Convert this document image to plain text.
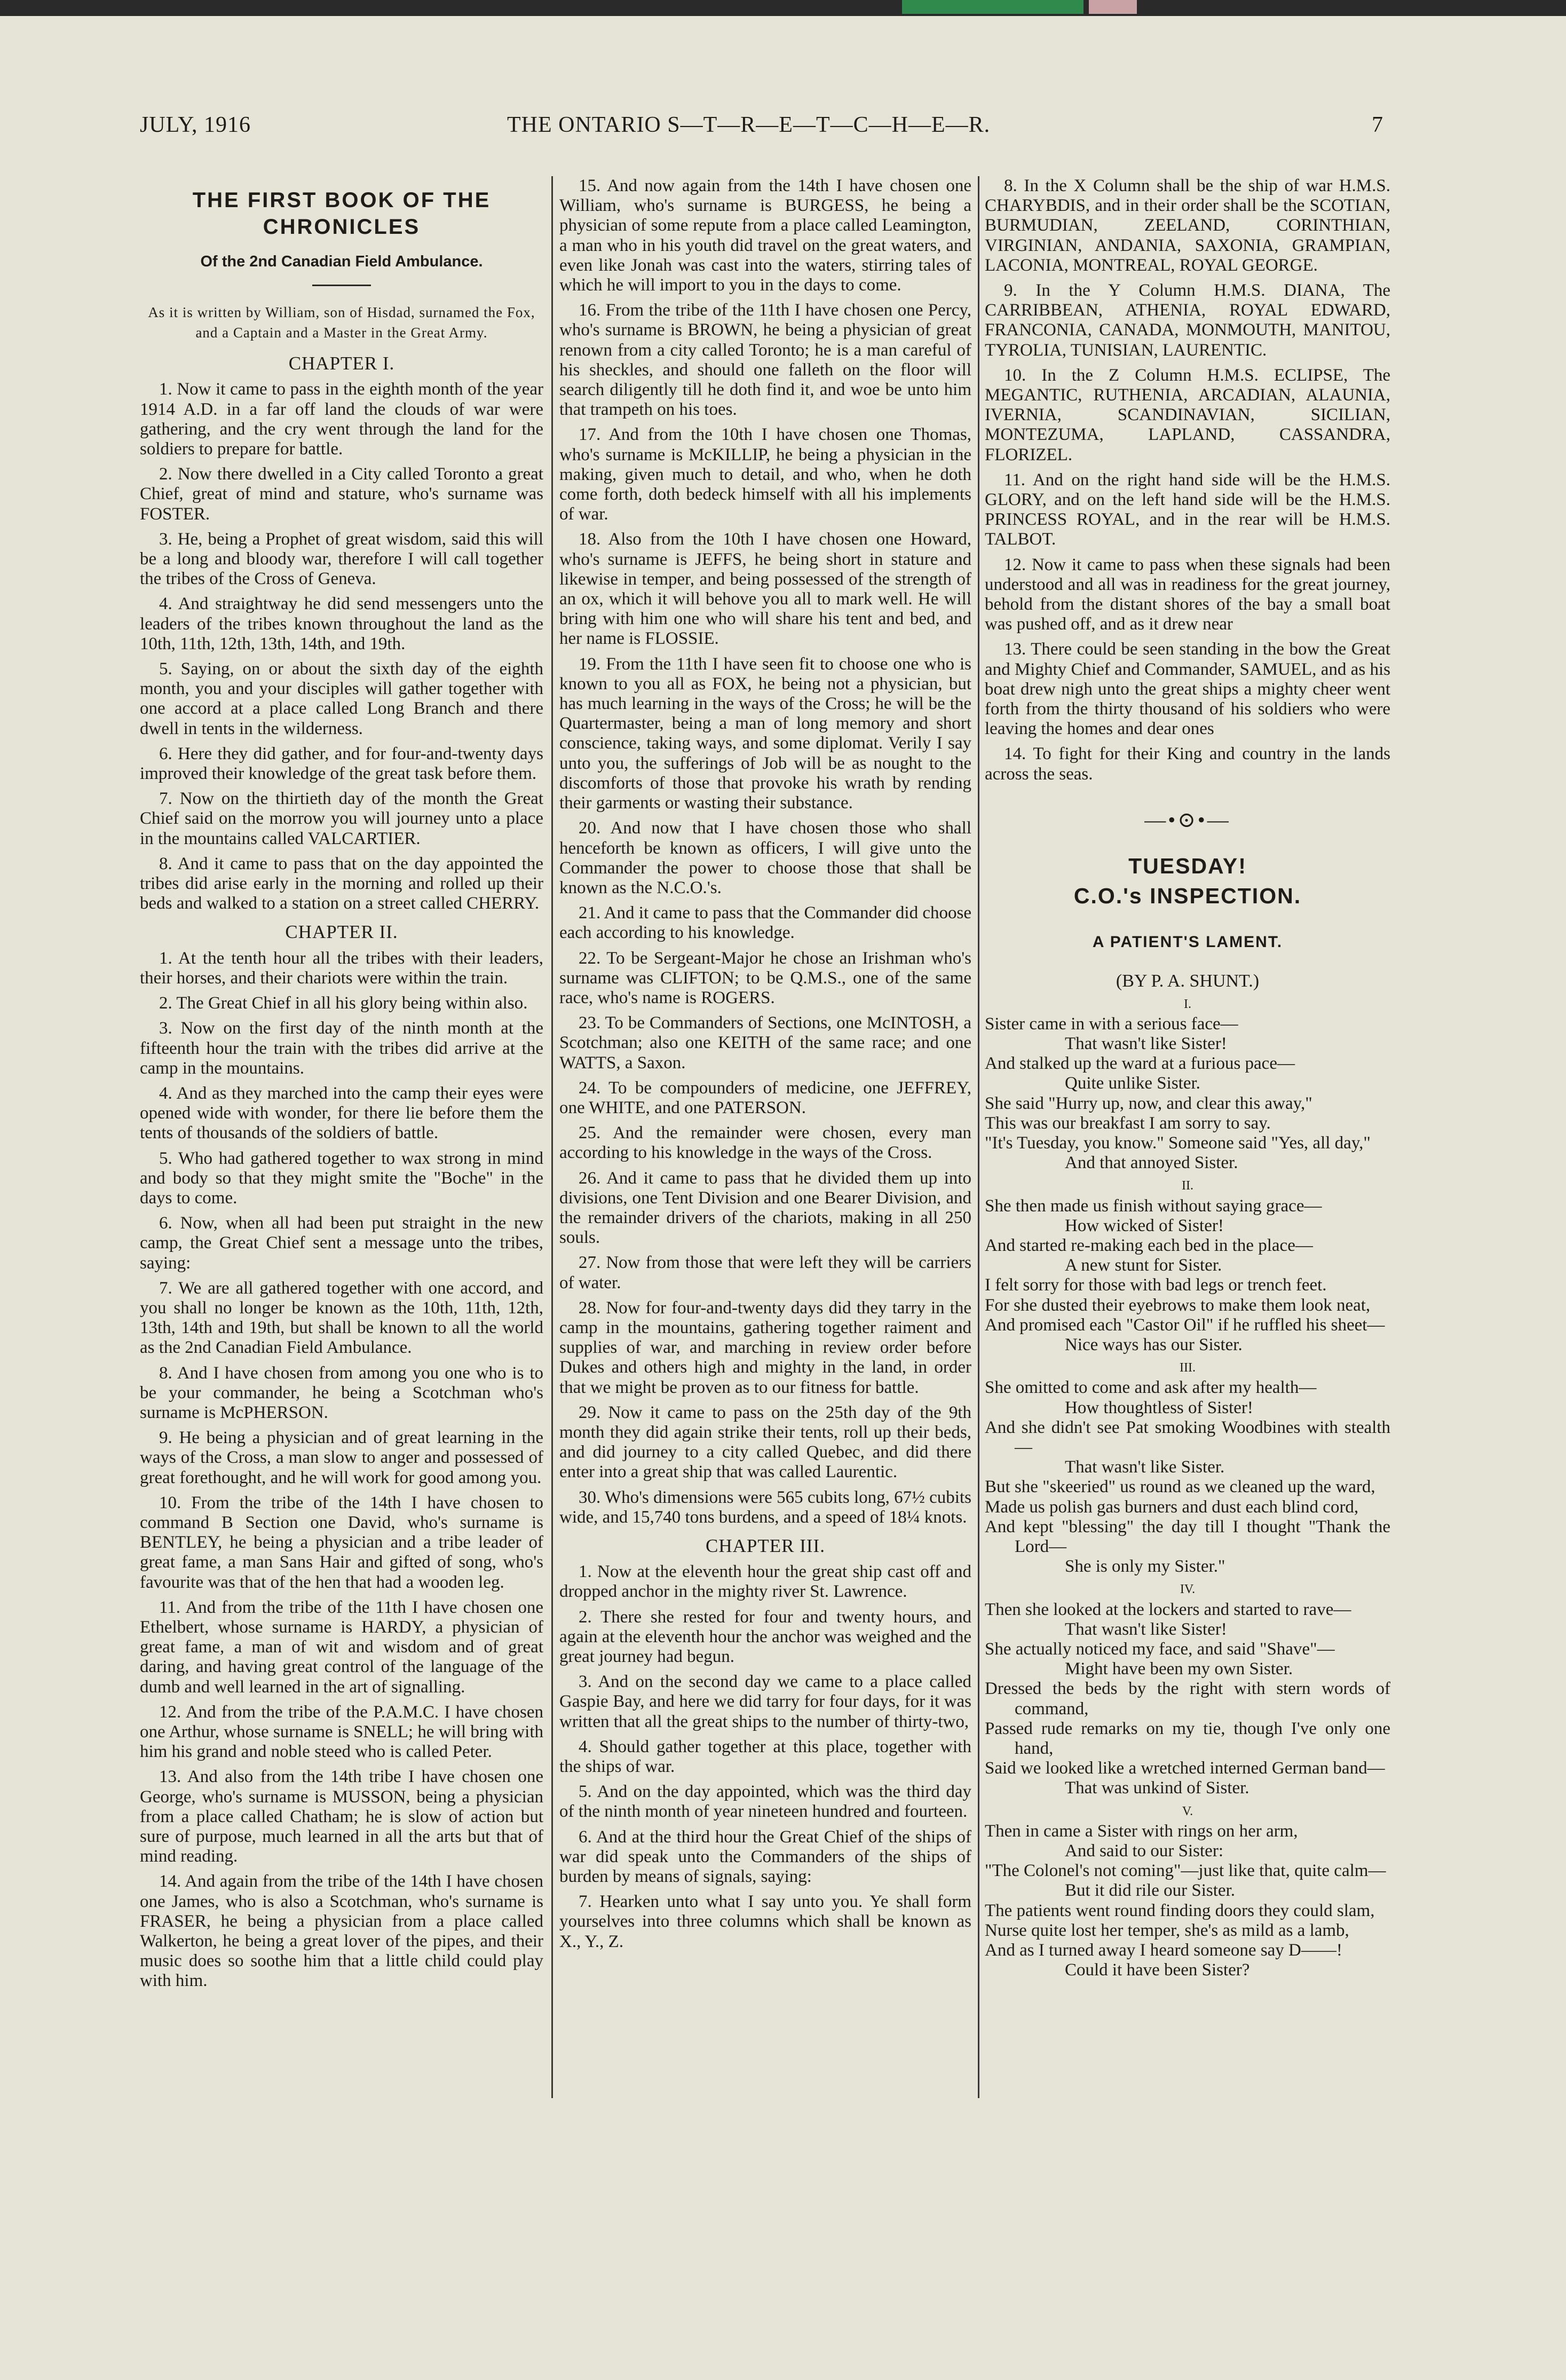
JULY, 1916	THE ONTARIO S—T—R—E—T—C—H—E—R.	7
THE FIRST BOOK OF THE CHRONICLES
Of the 2nd Canadian Field Ambulance.
As it is written by William, son of Hisdad, surnamed the Fox, and a Captain and a Master in the Great Army.

CHAPTER I.

1. Now it came to pass in the eighth month of the year 1914 A.D. in a far off land the clouds of war were gathering, and the cry went through the land for the soldiers to prepare for battle.

2. Now there dwelled in a City called Toronto a great Chief, great of mind and stature, who's surname was FOSTER.

3. He, being a Prophet of great wisdom, said this will be a long and bloody war, therefore I will call together the tribes of the Cross of Geneva.

4. And straightway he did send messengers unto the leaders of the tribes known throughout the land as the 10th, 11th, 12th, 13th, 14th, and 19th.

5. Saying, on or about the sixth day of the eighth month, you and your disciples will gather together with one accord at a place called Long Branch and there dwell in tents in the wilderness.

6. Here they did gather, and for four-and-twenty days improved their knowledge of the great task before them.

7. Now on the thirtieth day of the month the Great Chief said on the morrow you will journey unto a place in the mountains called VALCARTIER.

8. And it came to pass that on the day appointed the tribes did arise early in the morning and rolled up their beds and walked to a station on a street called CHERRY.

CHAPTER II.

1. At the tenth hour all the tribes with their leaders, their horses, and their chariots were within the train.

2. The Great Chief in all his glory being within also.

3. Now on the first day of the ninth month at the fifteenth hour the train with the tribes did arrive at the camp in the mountains.

4. And as they marched into the camp their eyes were opened wide with wonder, for there lie before them the tents of thousands of the soldiers of battle.

5. Who had gathered together to wax strong in mind and body so that they might smite the "Boche" in the days to come.

6. Now, when all had been put straight in the new camp, the Great Chief sent a message unto the tribes, saying:

7. We are all gathered together with one accord, and you shall no longer be known as the 10th, 11th, 12th, 13th, 14th and 19th, but shall be known to all the world as the 2nd Canadian Field Ambulance.

8. And I have chosen from among you one who is to be your commander, he being a Scotchman who's surname is McPHERSON.

9. He being a physician and of great learning in the ways of the Cross, a man slow to anger and possessed of great forethought, and he will work for good among you.

10. From the tribe of the 14th I have chosen to command B Section one David, who's surname is BENTLEY, he being a physician and a tribe leader of great fame, a man Sans Hair and gifted of song, who's favourite was that of the hen that had a wooden leg.

11. And from the tribe of the 11th I have chosen one Ethelbert, whose surname is HARDY, a physician of great fame, a man of wit and wisdom and of great daring, and having great control of the language of the dumb and well learned in the art of signalling.

12. And from the tribe of the P.A.M.C. I have chosen one Arthur, whose surname is SNELL; he will bring with him his grand and noble steed who is called Peter.

13. And also from the 14th tribe I have chosen one George, who's surname is MUSSON, being a physician from a place called Chatham; he is slow of action but sure of purpose, much learned in all the arts but that of mind reading.

14. And again from the tribe of the 14th I have chosen one James, who is also a Scotchman, who's surname is FRASER, he being a physician from a place called Walkerton, he being a great lover of the pipes, and their music does so soothe him that a little child could play with him.

15. And now again from the 14th I have chosen one William, who's surname is BURGESS, he being a physician of some repute from a place called Leamington, a man who in his youth did travel on the great waters, and even like Jonah was cast into the waters, stirring tales of which he will import to you in the days to come.

16. From the tribe of the 11th I have chosen one Percy, who's surname is BROWN, he being a physician of great renown from a city called Toronto; he is a man careful of his sheckles, and should one falleth on the floor will search diligently till he doth find it, and woe be unto him that trampeth on his toes.

17. And from the 10th I have chosen one Thomas, who's surname is McKILLIP, he being a physician in the making, given much to detail, and who, when he doth come forth, doth bedeck himself with all his implements of war.

18. Also from the 10th I have chosen one Howard, who's surname is JEFFS, he being short in stature and likewise in temper, and being possessed of the strength of an ox, which it will behove you all to mark well. He will bring with him one who will share his tent and bed, and her name is FLOSSIE.

19. From the 11th I have seen fit to choose one who is known to you all as FOX, he being not a physician, but has much learning in the ways of the Cross; he will be the Quartermaster, being a man of long memory and short conscience, taking ways, and some diplomat. Verily I say unto you, the sufferings of Job will be as nought to the discomforts of those that provoke his wrath by rending their garments or wasting their substance.

20. And now that I have chosen those who shall henceforth be known as officers, I will give unto the Commander the power to choose those that shall be known as the N.C.O.'s.

21. And it came to pass that the Commander did choose each according to his knowledge.

22. To be Sergeant-Major he chose an Irishman who's surname was CLIFTON; to be Q.M.S., one of the same race, who's name is ROGERS.

23. To be Commanders of Sections, one McINTOSH, a Scotchman; also one KEITH of the same race; and one WATTS, a Saxon.

24. To be compounders of medicine, one JEFFREY, one WHITE, and one PATERSON.

25. And the remainder were chosen, every man according to his knowledge in the ways of the Cross.

26. And it came to pass that he divided them up into divisions, one Tent Division and one Bearer Division, and the remainder drivers of the chariots, making in all 250 souls.

27. Now from those that were left they will be carriers of water.

28. Now for four-and-twenty days did they tarry in the camp in the mountains, gathering together raiment and supplies of war, and marching in review order before Dukes and others high and mighty in the land, in order that we might be proven as to our fitness for battle.

29. Now it came to pass on the 25th day of the 9th month they did again strike their tents, roll up their beds, and did journey to a city called Quebec, and did there enter into a great ship that was called Laurentic.

30. Who's dimensions were 565 cubits long, 67½ cubits wide, and 15,740 tons burdens, and a speed of 18¼ knots.

CHAPTER III.

1. Now at the eleventh hour the great ship cast off and dropped anchor in the mighty river St. Lawrence.

2. There she rested for four and twenty hours, and again at the eleventh hour the anchor was weighed and the great journey had begun.

3. And on the second day we came to a place called Gaspie Bay, and here we did tarry for four days, for it was written that all the great ships to the number of thirty-two,

4. Should gather together at this place, together with the ships of war.

5. And on the day appointed, which was the third day of the ninth month of year nineteen hundred and fourteen.

6. And at the third hour the Great Chief of the ships of war did speak unto the Commanders of the ships of burden by means of signals, saying:

7. Hearken unto what I say unto you. Ye shall form yourselves into three columns which shall be known as X., Y., Z.

8. In the X Column shall be the ship of war H.M.S. CHARYBDIS, and in their order shall be the SCOTIAN, BURMUDIAN, ZEELAND, CORINTHIAN, VIRGINIAN, ANDANIA, SAXONIA, GRAMPIAN, LACONIA, MONTREAL, ROYAL GEORGE.

9. In the Y Column H.M.S. DIANA, The CARRIBBEAN, ATHENIA, ROYAL EDWARD, FRANCONIA, CANADA, MONMOUTH, MANITOU, TYROLIA, TUNISIAN, LAURENTIC.

10. In the Z Column H.M.S. ECLIPSE, The MEGANTIC, RUTHENIA, ARCADIAN, ALAUNIA, IVERNIA, SCANDINAVIAN, SICILIAN, MONTEZUMA, LAPLAND, CASSANDRA, FLORIZEL.

11. And on the right hand side will be the H.M.S. GLORY, and on the left hand side will be the H.M.S. PRINCESS ROYAL, and in the rear will be H.M.S. TALBOT.

12. Now it came to pass when these signals had been understood and all was in readiness for the great journey, behold from the distant shores of the bay a small boat was pushed off, and as it drew near

13. There could be seen standing in the bow the Great and Mighty Chief and Commander, SAMUEL, and as his boat drew nigh unto the great ships a mighty cheer went forth from the thirty thousand of his soldiers who were leaving the homes and dear ones

14. To fight for their King and country in the lands across the seas.

—•⊙•—
TUESDAY!
C.O.'s INSPECTION.
A PATIENT'S LAMENT.
(BY P. A. SHUNT.)
I.
Sister came in with a serious face—
That wasn't like Sister!
And stalked up the ward at a furious pace—
Quite unlike Sister.
She said "Hurry up, now, and clear this away,"
This was our breakfast I am sorry to say.
"It's Tuesday, you know." Someone said "Yes, all day,"
And that annoyed Sister.
II.
She then made us finish without saying grace—
How wicked of Sister!
And started re-making each bed in the place—
A new stunt for Sister.
I felt sorry for those with bad legs or trench feet.
For she dusted their eyebrows to make them look neat,
And promised each "Castor Oil" if he ruffled his sheet—
Nice ways has our Sister.
III.
She omitted to come and ask after my health—
How thoughtless of Sister!
And she didn't see Pat smoking Woodbines with stealth—
That wasn't like Sister.
But she "skeeried" us round as we cleaned up the ward,
Made us polish gas burners and dust each blind cord,
And kept "blessing" the day till I thought "Thank the Lord—
She is only my Sister."
IV.
Then she looked at the lockers and started to rave—
That wasn't like Sister!
She actually noticed my face, and said "Shave"—
Might have been my own Sister.
Dressed the beds by the right with stern words of command,
Passed rude remarks on my tie, though I've only one hand,
Said we looked like a wretched interned German band—
That was unkind of Sister.
V.
Then in came a Sister with rings on her arm,
And said to our Sister:
"The Colonel's not coming"—just like that, quite calm—
But it did rile our Sister.
The patients went round finding doors they could slam,
Nurse quite lost her temper, she's as mild as a lamb,
And as I turned away I heard someone say D——!
Could it have been Sister?
